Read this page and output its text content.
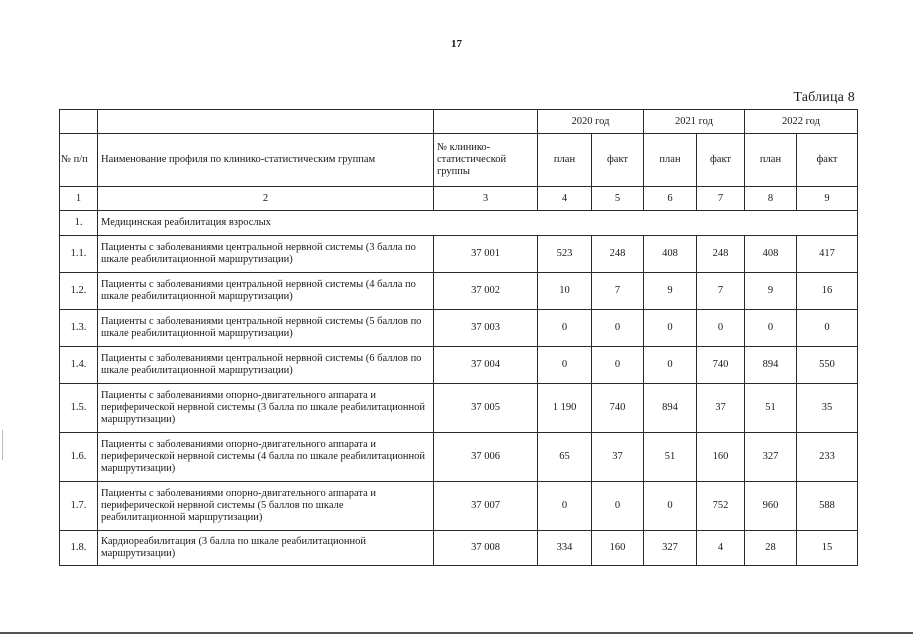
17
Таблица 8
			2020 год		2021 год		2022 год	
№ п/п	Наименование профиля по клинико-статистическим группам	№ клинико-статистической группы	план	факт	план	факт	план	факт
1	2	3	4	5	6	7	8	9
1.	Медицинская реабилитация взрослых							
1.1.	Пациенты с заболеваниями центральной нервной системы (3 балла по шкале реабилитационной маршрутизации)	37 001	523	248	408	248	408	417
1.2.	Пациенты с заболеваниями центральной нервной системы (4 балла по шкале реабилитационной маршрутизации)	37 002	10	7	9	7	9	16
1.3.	Пациенты с заболеваниями центральной нервной системы (5 баллов по шкале реабилитационной маршрутизации)	37 003	0	0	0	0	0	0
1.4.	Пациенты с заболеваниями центральной нервной системы (6 баллов по шкале реабилитационной маршрутизации)	37 004	0	0	0	740	894	550
1.5.	Пациенты с заболеваниями опорно-двигательного аппарата и периферической нервной системы (3 балла по шкале реабилитационной маршрутизации)	37 005	1 190	740	894	37	51	35
1.6.	Пациенты с заболеваниями опорно-двигательного аппарата и периферической нервной системы (4 балла по шкале реабилитационной маршрутизации)	37 006	65	37	51	160	327	233
1.7.	Пациенты с заболеваниями опорно-двигательного аппарата и периферической нервной системы (5 баллов по шкале реабилитационной маршрутизации)	37 007	0	0	0	752	960	588
1.8.	Кардиореабилитация (3 балла по шкале реабилитационной маршрутизации)	37 008	334	160	327	4	28	15
